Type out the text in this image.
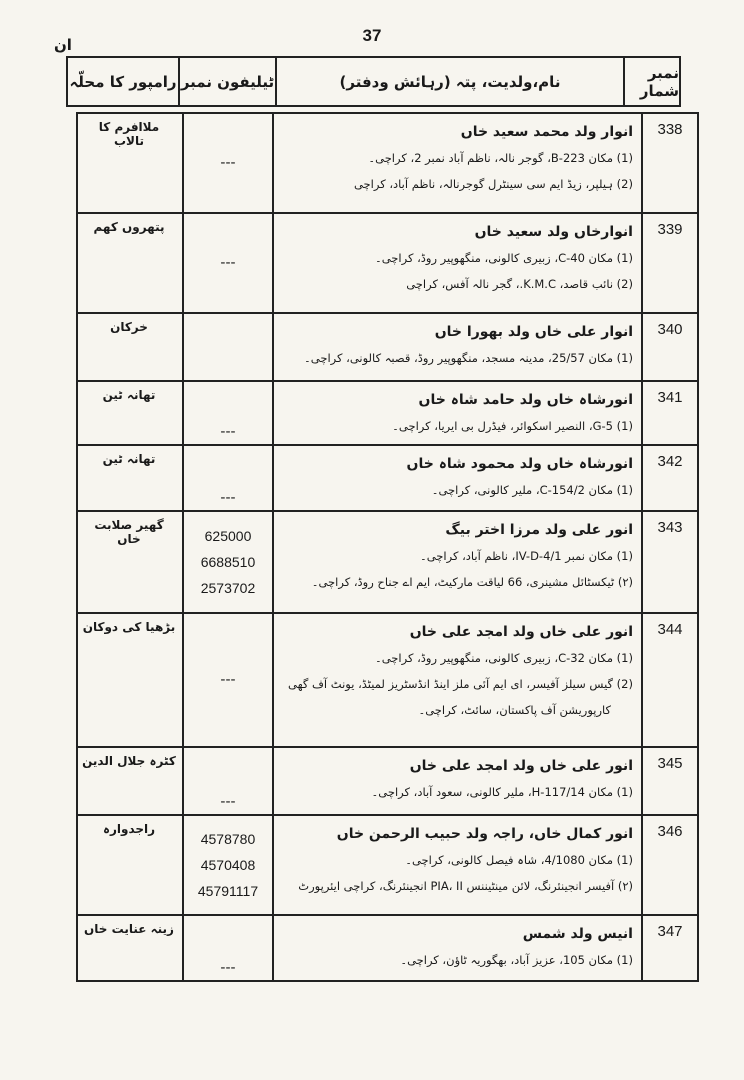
37
ان
نمبر شمار
نام،ولدیت، پتہ (رہائش ودفتر)
ٹیلیفون نمبر
رامپور کا محلّہ
338
انوار ولد محمد سعید خاں
(1) مکان B-223، گوجر نالہ، ناظم آباد نمبر 2، کراچی۔
(2) ہیلپر، زیڈ ایم سی سینٹرل گوجرنالہ، ناظم آباد، کراچی
---
ملاافرم کا تالاب
339
انوارخاں ولد سعید خاں
(1) مکان C-40، زبیری کالونی، منگھوپیر روڈ، کراچی۔
(2) نائب قاصد، K.M.C.، گجر نالہ آفس، کراچی
---
پتھروں کھم
340
انوار علی خاں ولد بھورا خاں
(1) مکان 25/57، مدینہ مسجد، منگھوپیر روڈ، قصبہ کالونی، کراچی۔
خرکان
341
انورشاہ خاں ولد حامد شاہ خاں
(1) G-5، النصیر اسکوائر، فیڈرل بی ایریا، کراچی۔
---
تھانہ ٹین
342
انورشاہ خاں ولد محمود شاہ خاں
(1) مکان C-154/2، ملیر کالونی، کراچی۔
---
تھانہ ٹین
343
انور علی ولد مرزا اختر بیگ
(1) مکان نمبر IV-D-4/1، ناظم آباد، کراچی۔
(۲) ٹیکسٹائل مشینری، 66 لیاقت مارکیٹ، ایم اے جناح روڈ، کراچی۔
625000
6688510
2573702
گھیر صلابت خاں
344
انور علی خاں ولد امجد علی خاں
(1) مکان C-32، زبیری کالونی، منگھوپیر روڈ، کراچی۔
(2) گیس سیلز آفیسر، ای ایم آئی ملز اینڈ انڈسٹریز لمیٹڈ، یونٹ آف گھی
کارپوریشن آف پاکستان، سائٹ، کراچی۔
---
بڑھیا کی دوکان
345
انور علی خاں ولد امجد علی خاں
(1) مکان H-117/14، ملیر کالونی، سعود آباد، کراچی۔
---
کٹرہ جلال الدین
346
انور کمال خاں، راجہ ولد حبیب الرحمن خاں
(1) مکان 4/1080، شاہ فیصل کالونی، کراچی۔
(۲) آفیسر انجینئرنگ، لائن مینٹیننس PIA، II انجینئرنگ، کراچی ایئرپورٹ
4578780
4570408
45791117
راجدوارہ
347
انیس ولد شمس
(1) مکان 105، عزیز آباد، بھگوریہ ٹاؤن، کراچی۔
---
زینہ عنایت خاں
